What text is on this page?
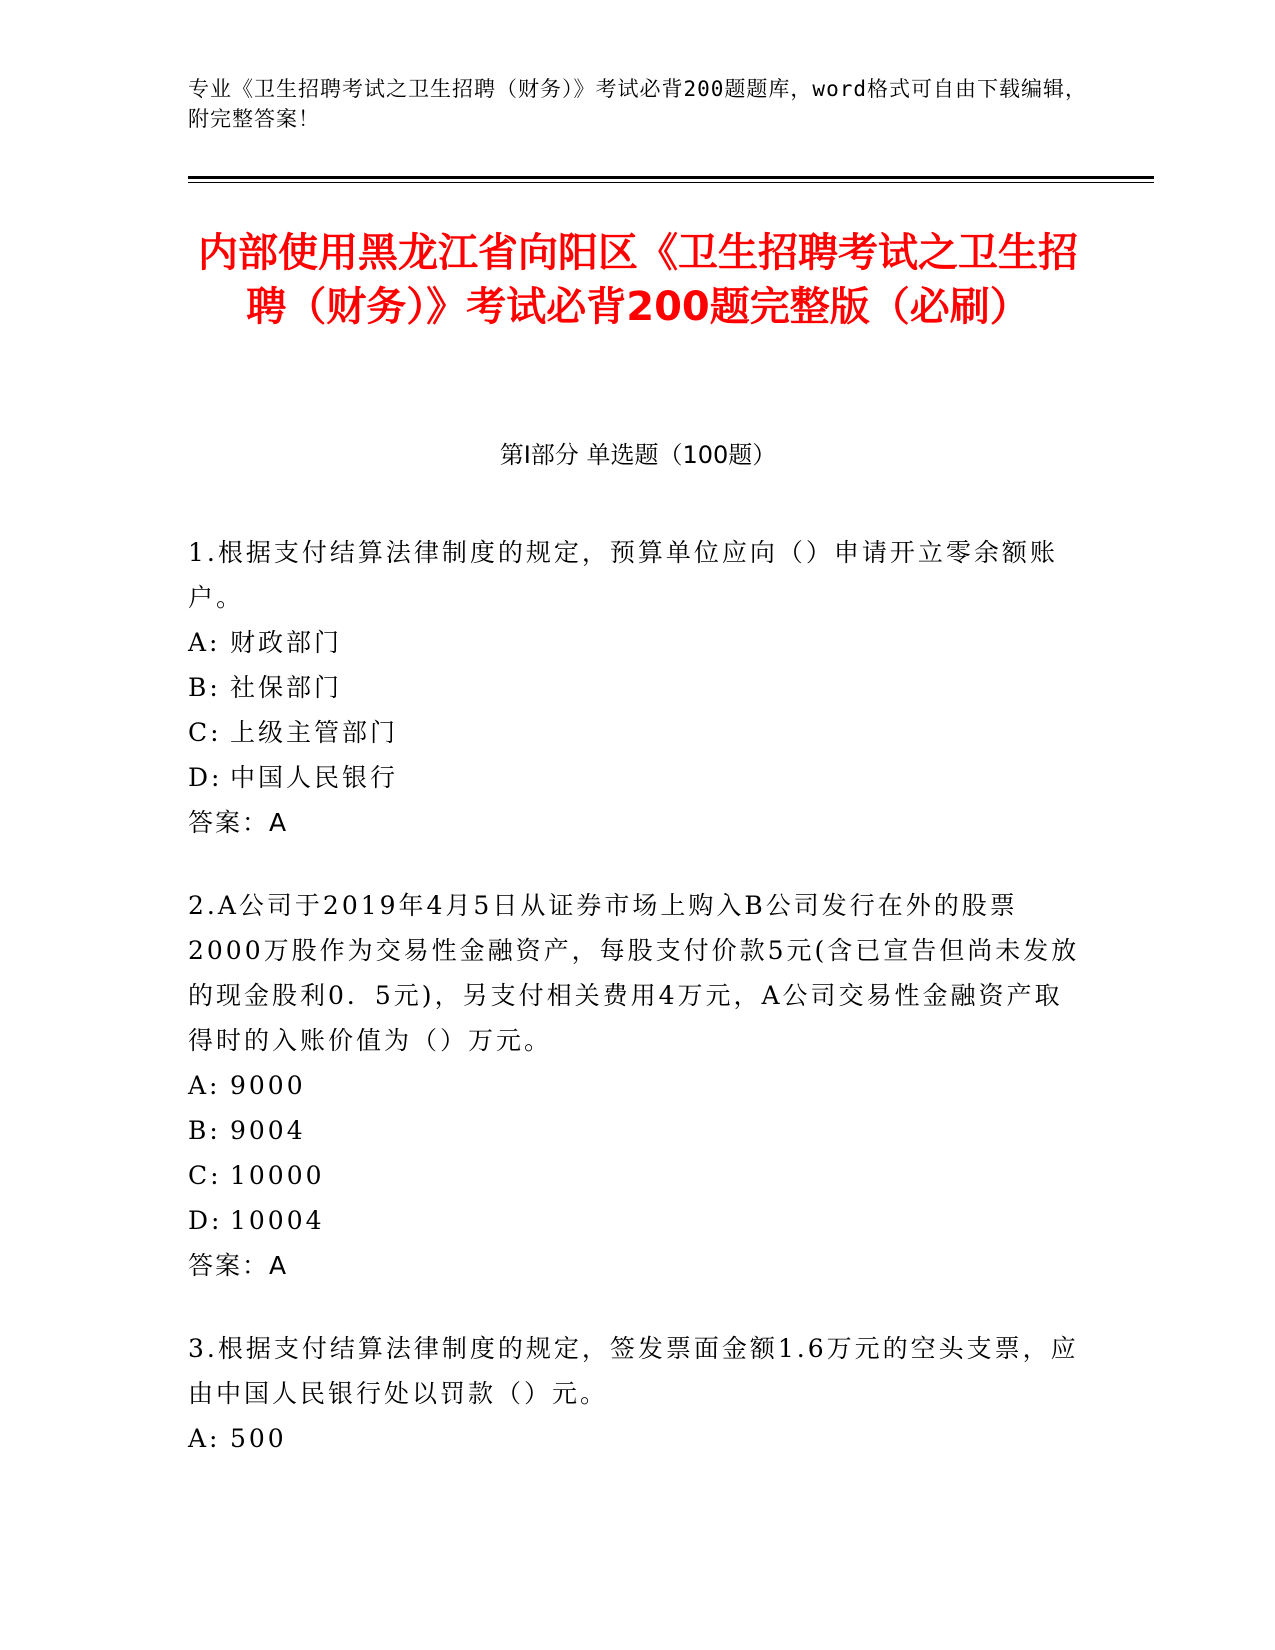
专业《卫生招聘考试之卫生招聘（财务）》考试必背200题题库，word格式可自由下载编辑，附完整答案！
内部使用黑龙江省向阳区《卫生招聘考试之卫生招聘（财务）》考试必背200题完整版（必刷）
第Ⅰ部分 单选题（100题）

1.根据支付结算法律制度的规定，预算单位应向（）申请开立零余额账户。

A: 财政部门

B: 社保部门

C: 上级主管部门

D: 中国人民银行

答案：A

2.A公司于2019年4月5日从证券市场上购入B公司发行在外的股票2000万股作为交易性金融资产，每股支付价款5元(含已宣告但尚未发放的现金股利0．5元)，另支付相关费用4万元，A公司交易性金融资产取得时的入账价值为（）万元。

A: 9000

B: 9004

C: 10000

D: 10004

答案：A

3.根据支付结算法律制度的规定，签发票面金额1.6万元的空头支票，应由中国人民银行处以罚款（）元。

A: 500
